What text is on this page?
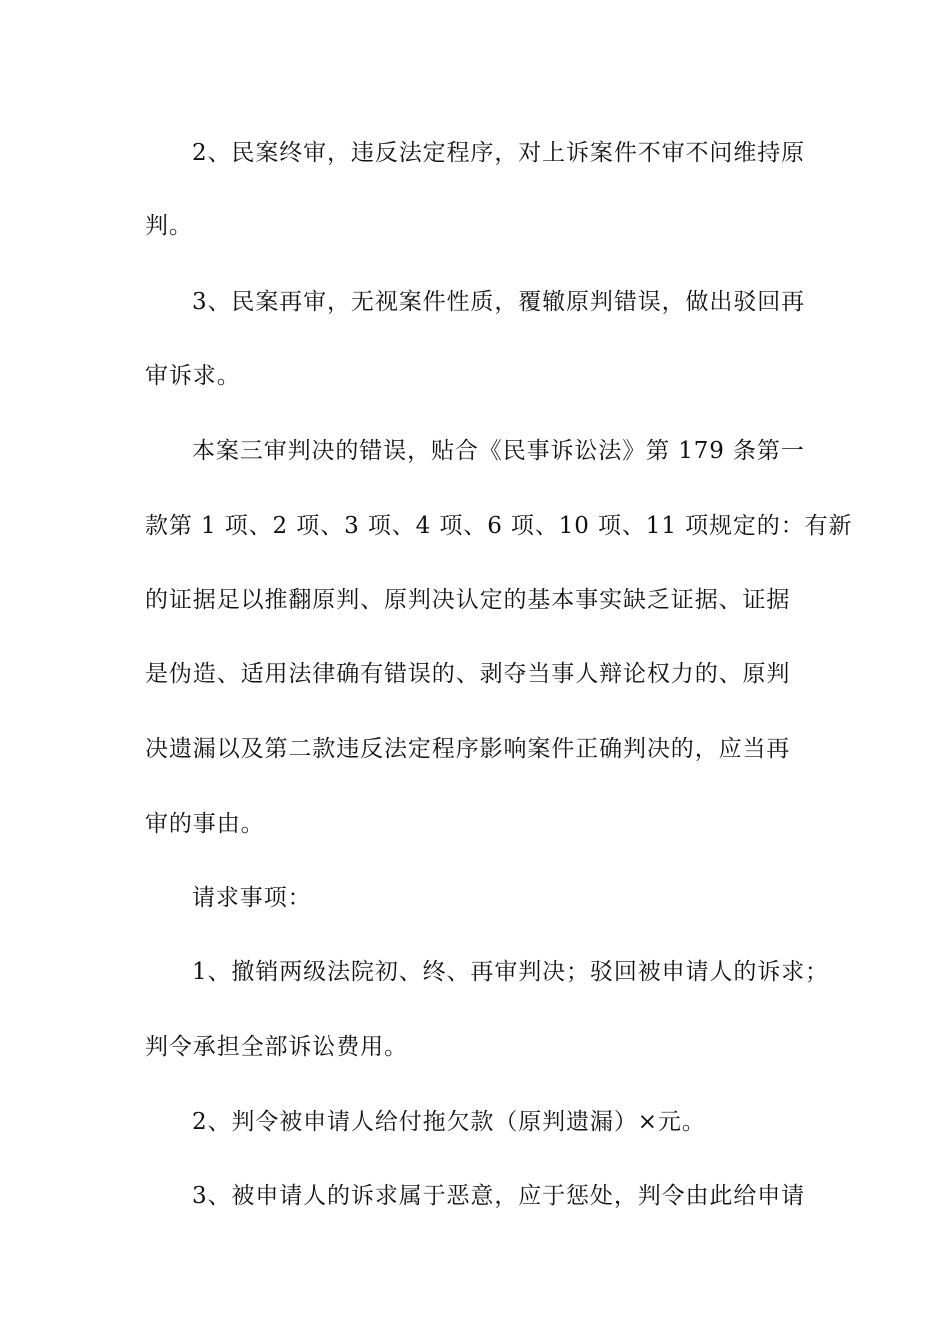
2、民案终审，违反法定程序，对上诉案件不审不问维持原
判。
3、民案再审，无视案件性质，覆辙原判错误，做出驳回再
审诉求。
本案三审判决的错误，贴合《民事诉讼法》第 179 条第一
款第 1 项、2 项、3 项、4 项、6 项、10 项、11 项规定的：有新
的证据足以推翻原判、原判决认定的基本事实缺乏证据、证据
是伪造、适用法律确有错误的、剥夺当事人辩论权力的、原判
决遗漏以及第二款违反法定程序影响案件正确判决的，应当再
审的事由。
请求事项：
1、撤销两级法院初、终、再审判决；驳回被申请人的诉求；
判令承担全部诉讼费用。
2、判令被申请人给付拖欠款（原判遗漏）×元。
3、被申请人的诉求属于恶意，应于惩处，判令由此给申请
